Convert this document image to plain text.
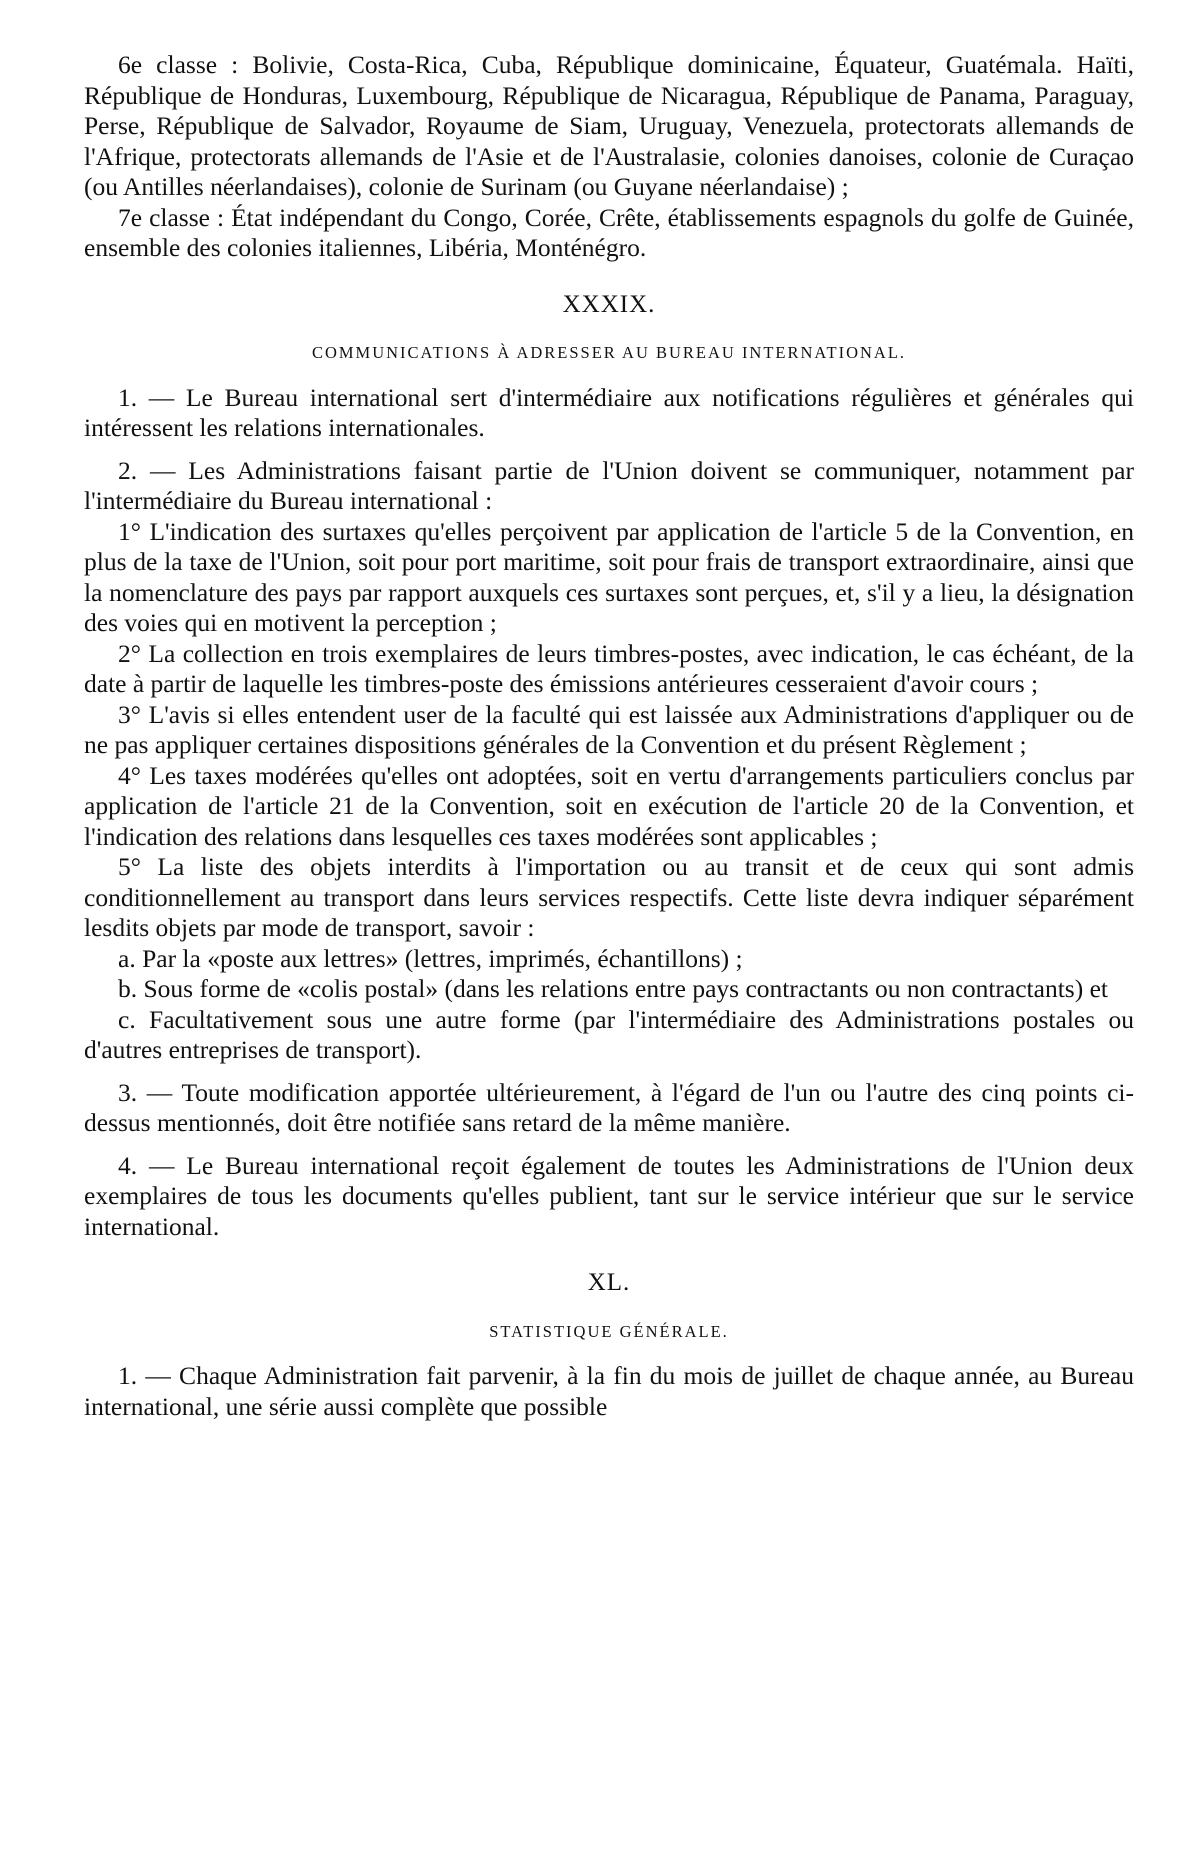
6e classe : Bolivie, Costa-Rica, Cuba, République dominicaine, Équateur, Guatémala. Haïti, République de Honduras, Luxembourg, République de Nicaragua, République de Panama, Paraguay, Perse, République de Salvador, Royaume de Siam, Uruguay, Venezuela, protectorats allemands de l'Afrique, protectorats allemands de l'Asie et de l'Australasie, colonies danoises, colonie de Curaçao (ou Antilles néerlandaises), colonie de Surinam (ou Guyane néerlandaise) ;

7e classe : État indépendant du Congo, Corée, Crête, établissements espagnols du golfe de Guinée, ensemble des colonies italiennes, Libéria, Monténégro.

XXXIX.

COMMUNICATIONS À ADRESSER AU BUREAU INTERNATIONAL.

1. — Le Bureau international sert d'intermédiaire aux notifications régulières et générales qui intéressent les relations internationales.

2. — Les Administrations faisant partie de l'Union doivent se communiquer, notamment par l'intermédiaire du Bureau international :

1° L'indication des surtaxes qu'elles perçoivent par application de l'article 5 de la Convention, en plus de la taxe de l'Union, soit pour port maritime, soit pour frais de transport extraordinaire, ainsi que la nomenclature des pays par rapport auxquels ces surtaxes sont perçues, et, s'il y a lieu, la désignation des voies qui en motivent la perception ;

2° La collection en trois exemplaires de leurs timbres-postes, avec indication, le cas échéant, de la date à partir de laquelle les timbres-poste des émissions antérieures cesseraient d'avoir cours ;

3° L'avis si elles entendent user de la faculté qui est laissée aux Administrations d'appliquer ou de ne pas appliquer certaines dispositions générales de la Convention et du présent Règlement ;

4° Les taxes modérées qu'elles ont adoptées, soit en vertu d'arrangements particuliers conclus par application de l'article 21 de la Convention, soit en exécution de l'article 20 de la Convention, et l'indication des relations dans lesquelles ces taxes modérées sont applicables ;

5° La liste des objets interdits à l'importation ou au transit et de ceux qui sont admis conditionnellement au transport dans leurs services respectifs. Cette liste devra indiquer séparément lesdits objets par mode de transport, savoir :

a. Par la «poste aux lettres» (lettres, imprimés, échantillons) ;

b. Sous forme de «colis postal» (dans les relations entre pays contractants ou non contractants) et

c. Facultativement sous une autre forme (par l'intermédiaire des Administrations postales ou d'autres entreprises de transport).

3. — Toute modification apportée ultérieurement, à l'égard de l'un ou l'autre des cinq points ci-dessus mentionnés, doit être notifiée sans retard de la même manière.

4. — Le Bureau international reçoit également de toutes les Administrations de l'Union deux exemplaires de tous les documents qu'elles publient, tant sur le service intérieur que sur le service international.

XL.

STATISTIQUE GÉNÉRALE.

1. — Chaque Administration fait parvenir, à la fin du mois de juillet de chaque année, au Bureau international, une série aussi complète que possible
